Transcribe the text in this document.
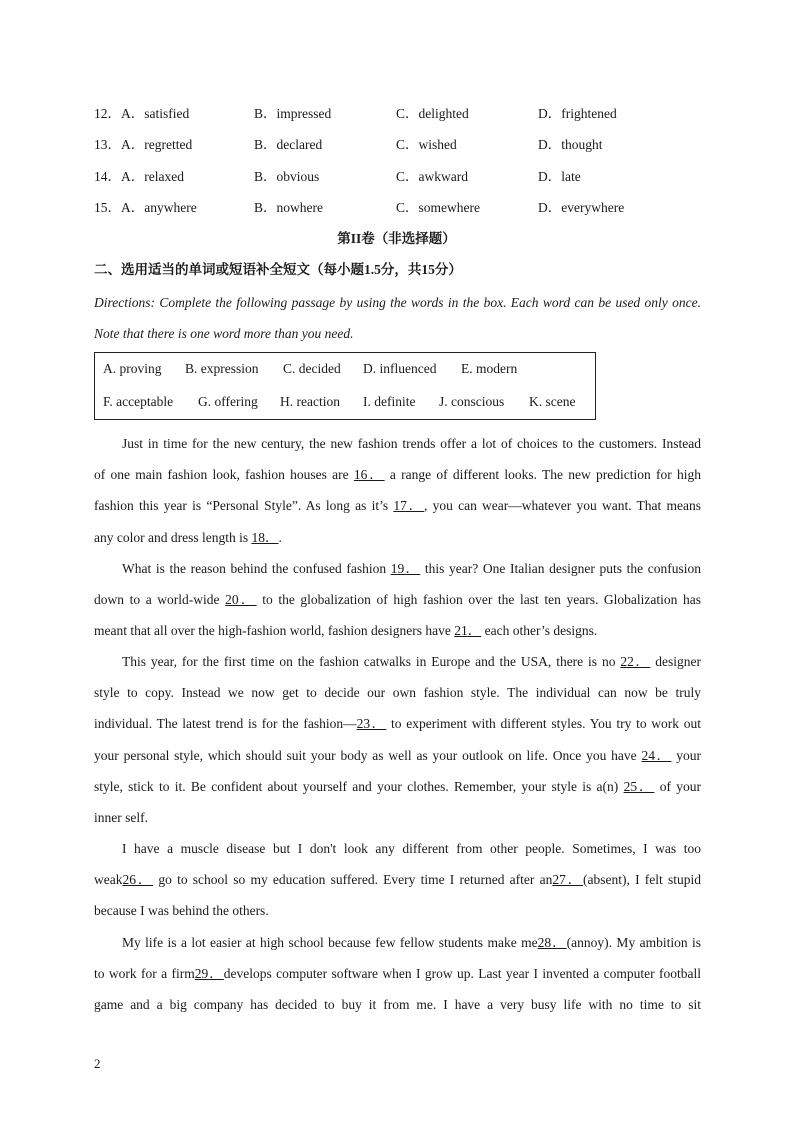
12．A．satisfied	B．impressed	C．delighted	D．frightened
13．A．regretted	B．declared	C．wished	D．thought
14．A．relaxed	B．obvious	C．awkward	D．late
15．A．anywhere	B．nowhere	C．somewhere	D．everywhere
第II卷（非选择题）
二、选用适当的单词或短语补全短文（每小题1.5分，共15分）
Directions: Complete the following passage by using the words in the box. Each word can be used only once. Note that there is one word more than you need.
A. proving B. expression C. decided D. influenced E. modern
F. acceptable G. offering H. reaction I. definite J. conscious K. scene
Just in time for the new century, the new fashion trends offer a lot of choices to the customers. Instead
of one main fashion look, fashion houses are 16． a range of different looks. The new prediction for high
fashion this year is “Personal Style”. As long as it’s 17．, you can wear—whatever you want. That means
any color and dress length is 18．.
What is the reason behind the confused fashion 19． this year? One Italian designer puts the confusion
down to a world-wide 20． to the globalization of high fashion over the last ten years. Globalization has
meant that all over the high-fashion world, fashion designers have 21． each other’s designs.
This year, for the first time on the fashion catwalks in Europe and the USA, there is no 22． designer
style to copy. Instead we now get to decide our own fashion style. The individual can now be truly
individual. The latest trend is for the fashion—23． to experiment with different styles. You try to work out
your personal style, which should suit your body as well as your outlook on life. Once you have 24． your
style, stick to it. Be confident about yourself and your clothes. Remember, your style is a(n) 25． of your
inner self.
I have a muscle disease but I don't look any different from other people. Sometimes, I was too
weak26． go to school so my education suffered. Every time I returned after an27．(absent), I felt stupid
because I was behind the others.
My life is a lot easier at high school because few fellow students make me28．(annoy). My ambition is
to work for a firm29．develops computer software when I grow up. Last year I invented a computer football
game and a big company has decided to buy it from me. I have a very busy life with no time to sit
2
